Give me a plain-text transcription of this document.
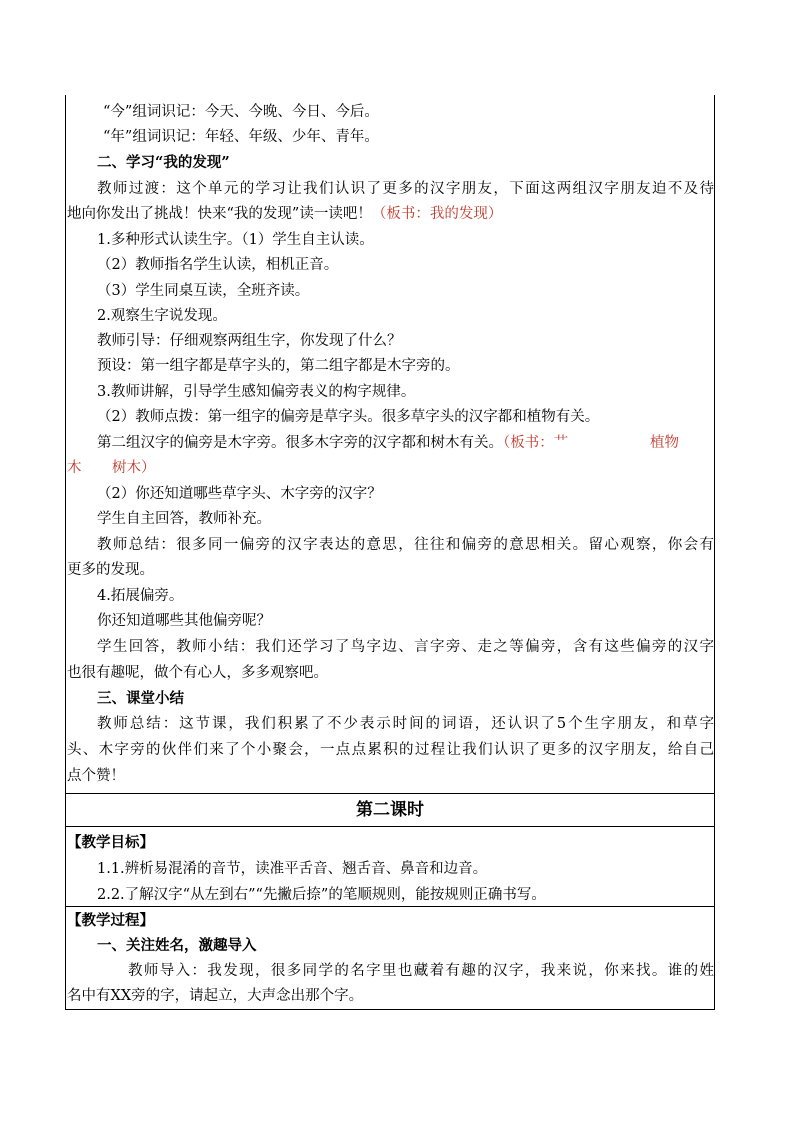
“今”组词识记：今天、今晚、今日、今后。
“年”组词识记：年轻、年级、少年、青年。
二、学习“我的发现”
教师过渡：这个单元的学习让我们认识了更多的汉字朋友，下面这两组汉字朋友迫不及待
地向你发出了挑战！快来“我的发现”读一读吧！（板书：我的发现）
1.多种形式认读生字。（1）学生自主认读。
（2）教师指名学生认读，相机正音。
（3）学生同桌互读，全班齐读。
2.观察生字说发现。
教师引导：仔细观察两组生字，你发现了什么？
预设：第一组字都是草字头的，第二组字都是木字旁的。
3.教师讲解，引导学生感知偏旁表义的构字规律。
（2）教师点拨：第一组字的偏旁是草字头。很多草字头的汉字都和植物有关。
第二组汉字的偏旁是木字旁。很多木字旁的汉字都和树木有关。（板书：艹	植物
木	树木）
（2）你还知道哪些草字头、木字旁的汉字？
学生自主回答，教师补充。
教师总结：很多同一偏旁的汉字表达的意思，往往和偏旁的意思相关。留心观察，你会有
更多的发现。
4.拓展偏旁。
你还知道哪些其他偏旁呢？
学生回答，教师小结：我们还学习了鸟字边、言字旁、走之等偏旁，含有这些偏旁的汉字
也很有趣呢，做个有心人，多多观察吧。
三、课堂小结
教师总结：这节课，我们积累了不少表示时间的词语，还认识了5个生字朋友，和草字
头、木字旁的伙伴们来了个小聚会，一点点累积的过程让我们认识了更多的汉字朋友，给自己
点个赞！
第二课时
【教学目标】
1.1.辨析易混淆的音节，读准平舌音、翘舌音、鼻音和边音。
2.2.了解汉字“从左到右”“先撇后捺”的笔顺规则，能按规则正确书写。
【教学过程】
一、关注姓名，激趣导入
教师导入：我发现，很多同学的名字里也藏着有趣的汉字，我来说，你来找。谁的姓
名中有XX旁的字，请起立，大声念出那个字。
